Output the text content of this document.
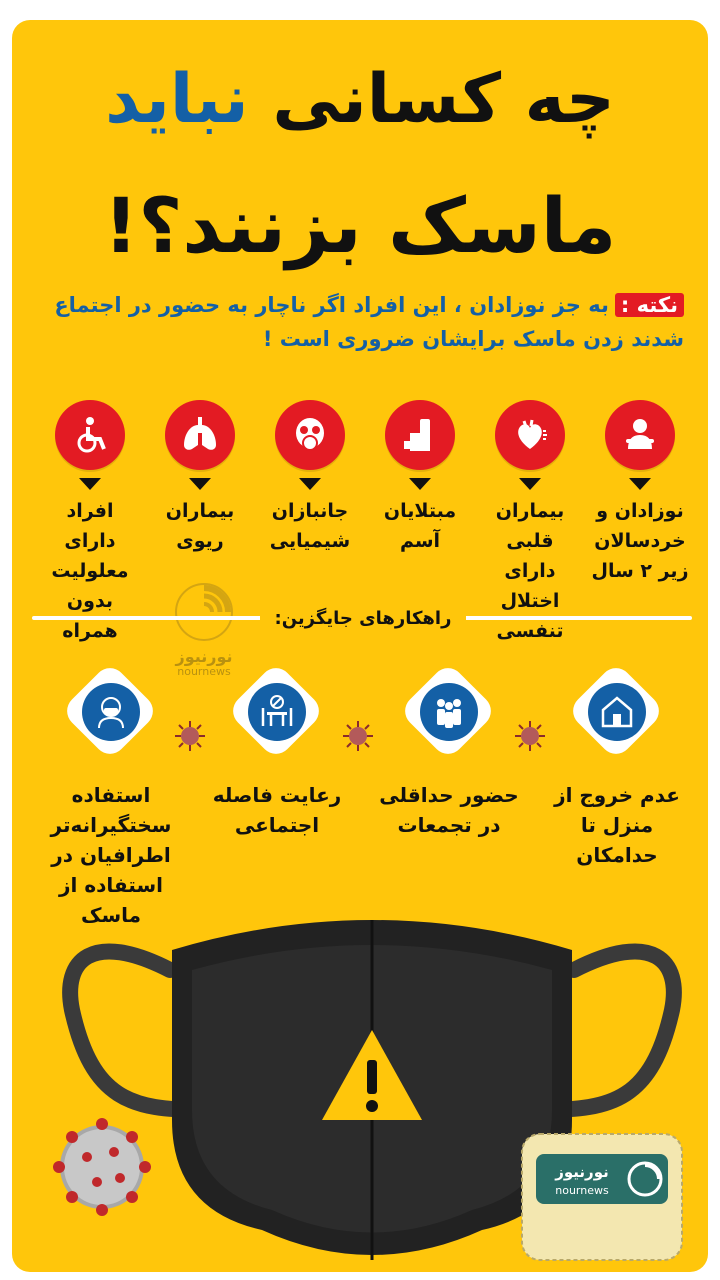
چه کسانی نباید
ماسک بزنند؟!
نکته :به جز نوزادان ، این افراد اگر ناچار به حضور در اجتماع شدند زدن ماسک برایشان ضروری است !
نوزادان و خردسالان زیر ۲ سال
بیماران قلبی دارای اختلال تنفسی
مبتلایان آسم
جانبازان شیمیایی
بیماران ریوی
افراد دارای معلولیت بدون همراه
نورنیوز
nournews
راهکارهای جایگزین:
عدم خروج از منزل تا حدامکان
حضور حداقلی در تجمعات
رعایت فاصله اجتماعی
استفاده سختگیرانه‌تر اطرافیان در استفاده از ماسک
نورنیوز
nournews
